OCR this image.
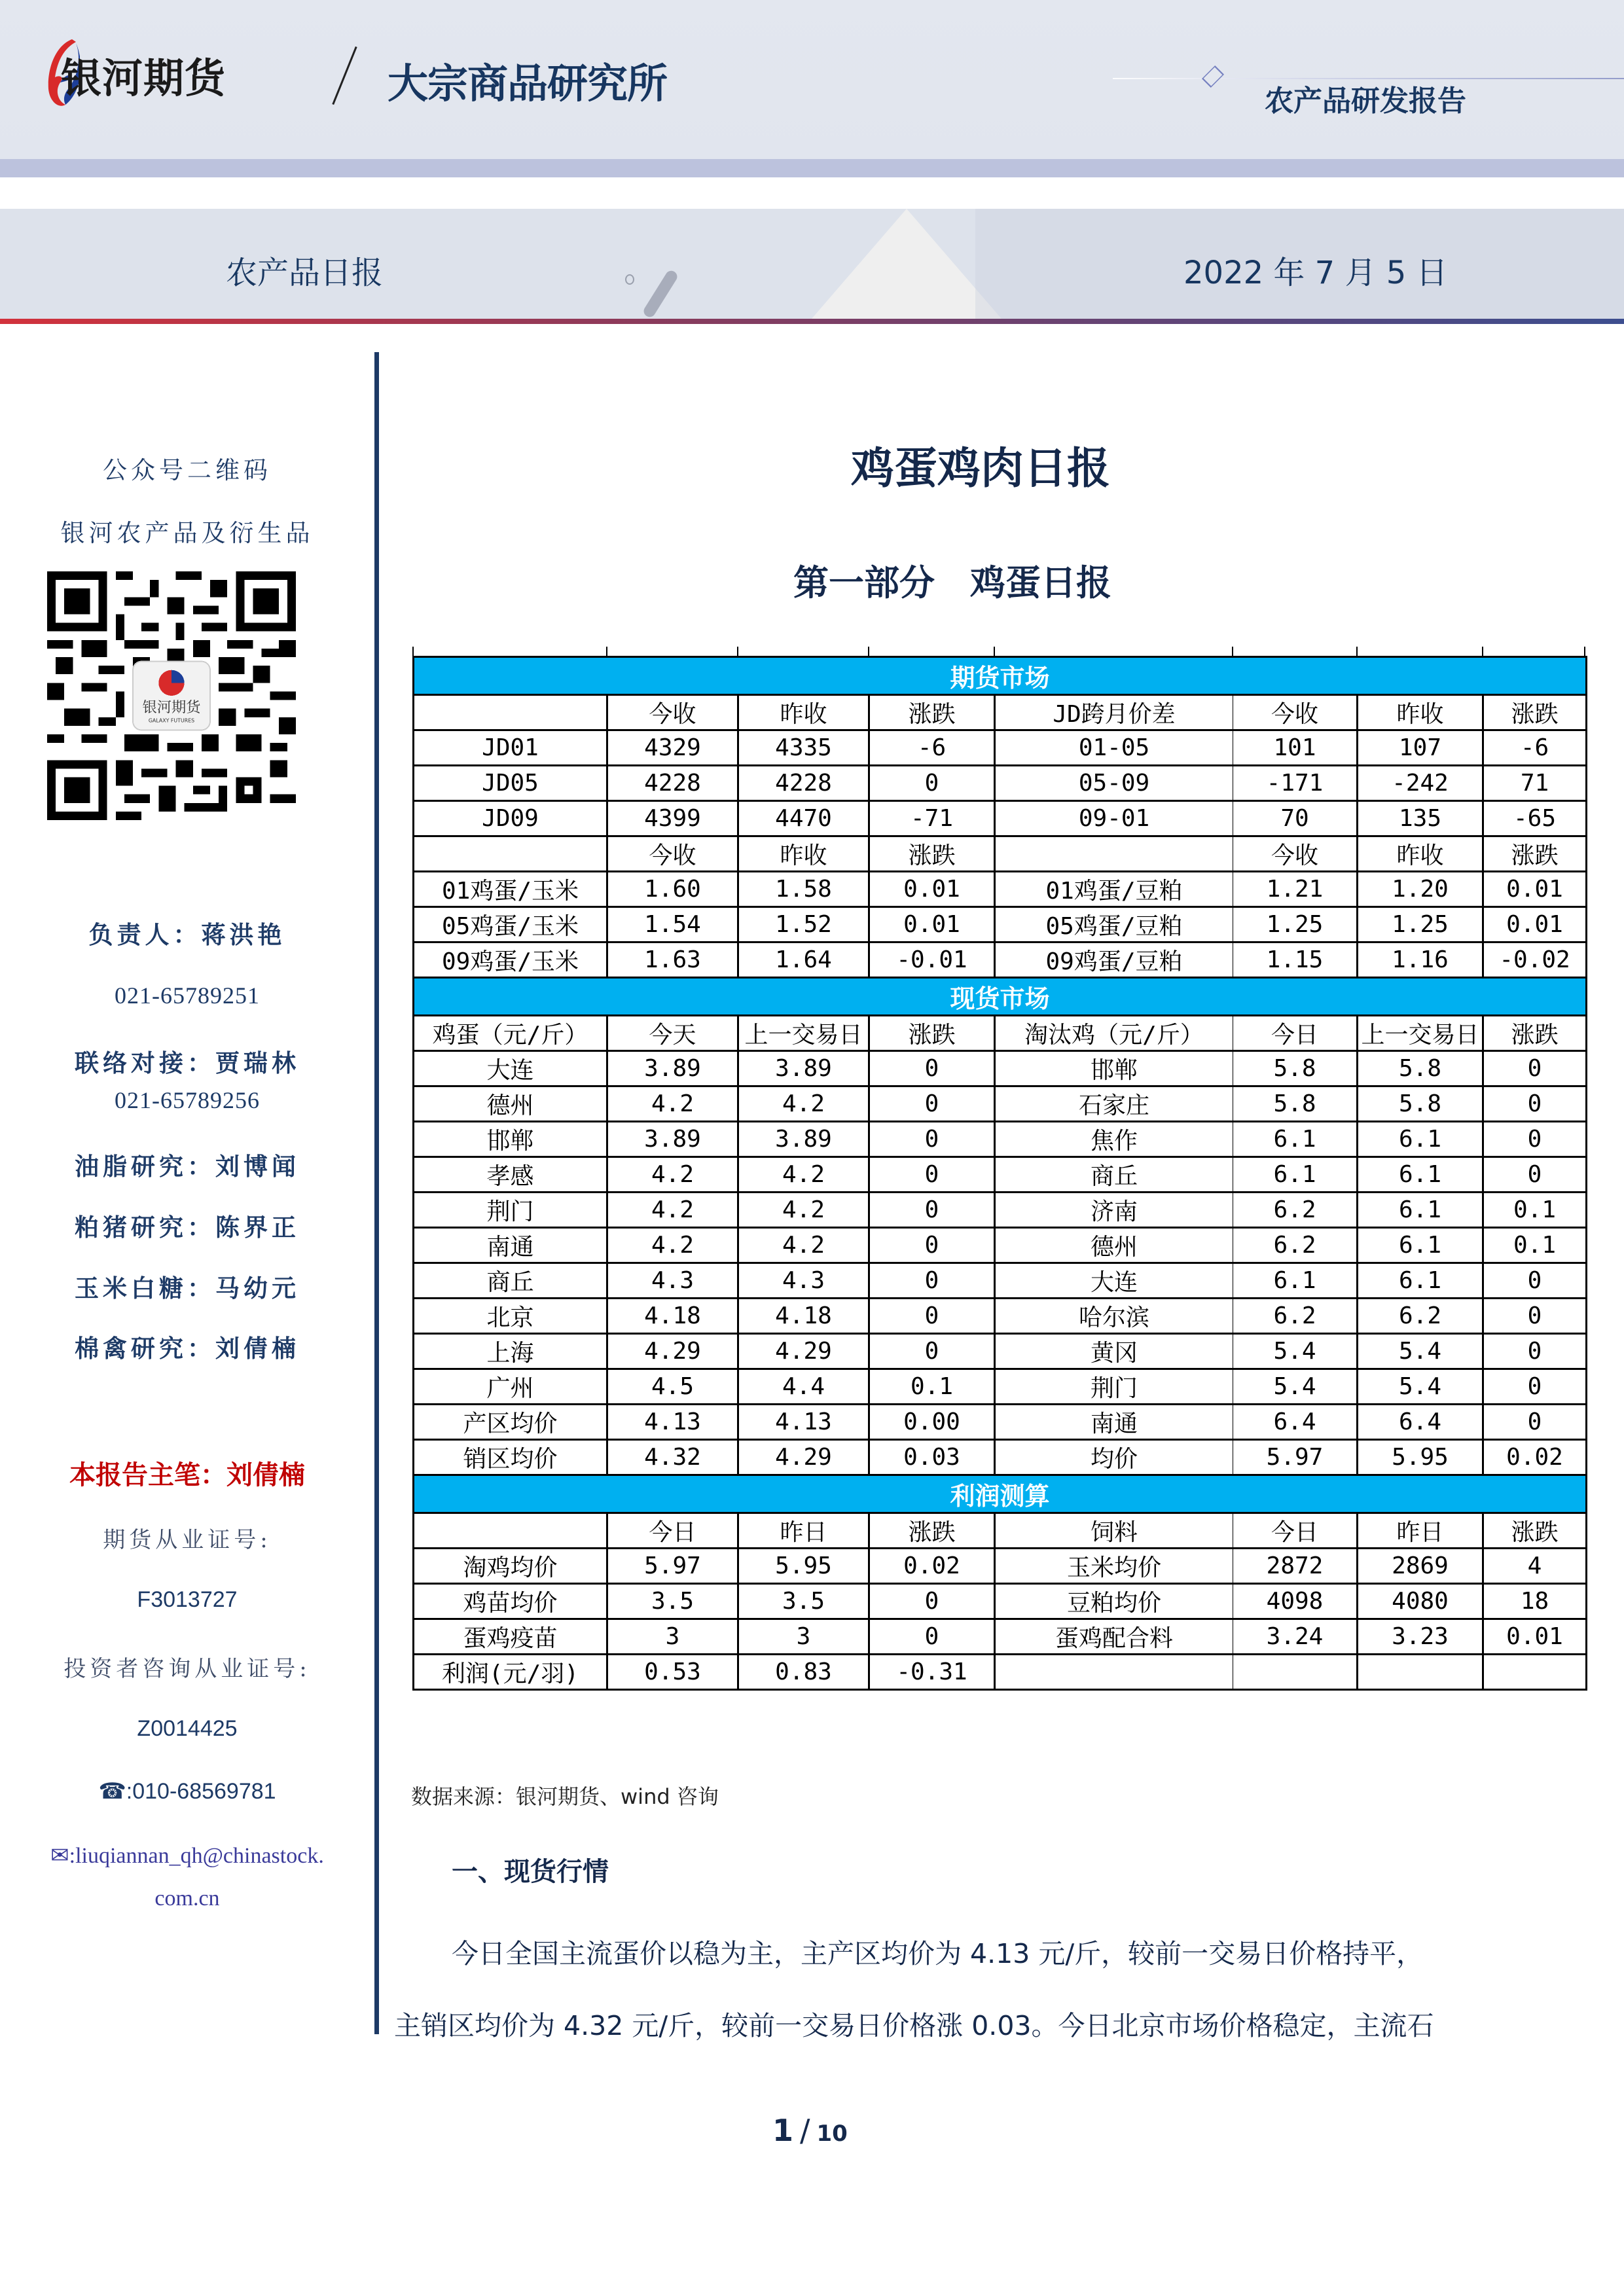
银河期货	大宗商品研究所	农产品研发报告
农产品日报	2022 年 7 月 5 日
公众号二维码
银河农产品及衍生品
银河期货
负责人：蒋洪艳
021-65789251
联络对接：贾瑞林
021-65789256
油脂研究：刘博闻
粕猪研究：陈界正
玉米白糖：马幼元
棉禽研究：刘倩楠
本报告主笔：刘倩楠
期货从业证号:
F3013727
投资者咨询从业证号:
Z0014425
☎:010-68569781
✉:liuqiannan_qh@chinastock.
com.cn
鸡蛋鸡肉日报
第一部分　鸡蛋日报
期货市场							
	今收	昨收	涨跌	JD跨月价差	今收	昨收	涨跌
JD01	4329	4335	-6	01-05	101	107	-6
JD05	4228	4228	0	05-09	-171	-242	71
JD09	4399	4470	-71	09-01	70	135	-65
	今收	昨收	涨跌		今收	昨收	涨跌
01鸡蛋/玉米	1.60	1.58	0.01	01鸡蛋/豆粕	1.21	1.20	0.01
05鸡蛋/玉米	1.54	1.52	0.01	05鸡蛋/豆粕	1.25	1.25	0.01
09鸡蛋/玉米	1.63	1.64	-0.01	09鸡蛋/豆粕	1.15	1.16	-0.02
现货市场							
鸡蛋（元/斤）	今天	上一交易日	涨跌	淘汰鸡（元/斤）	今日	上一交易日	涨跌
大连	3.89	3.89	0	邯郸	5.8	5.8	0
德州	4.2	4.2	0	石家庄	5.8	5.8	0
邯郸	3.89	3.89	0	焦作	6.1	6.1	0
孝感	4.2	4.2	0	商丘	6.1	6.1	0
荆门	4.2	4.2	0	济南	6.2	6.1	0.1
南通	4.2	4.2	0	德州	6.2	6.1	0.1
商丘	4.3	4.3	0	大连	6.1	6.1	0
北京	4.18	4.18	0	哈尔滨	6.2	6.2	0
上海	4.29	4.29	0	黄冈	5.4	5.4	0
广州	4.5	4.4	0.1	荆门	5.4	5.4	0
产区均价	4.13	4.13	0.00	南通	6.4	6.4	0
销区均价	4.32	4.29	0.03	均价	5.97	5.95	0.02
利润测算							
	今日	昨日	涨跌	饲料	今日	昨日	涨跌
淘鸡均价	5.97	5.95	0.02	玉米均价	2872	2869	4
鸡苗均价	3.5	3.5	0	豆粕均价	4098	4080	18
蛋鸡疫苗	3	3	0	蛋鸡配合料	3.24	3.23	0.01
利润(元/羽)	0.53	0.83	-0.31				
数据来源：银河期货、wind 咨询
一、现货行情
今日全国主流蛋价以稳为主，主产区均价为 4.13 元/斤，较前一交易日价格持平，
主销区均价为 4.32 元/斤，较前一交易日价格涨 0.03。今日北京市场价格稳定，主流石
1 / 10
